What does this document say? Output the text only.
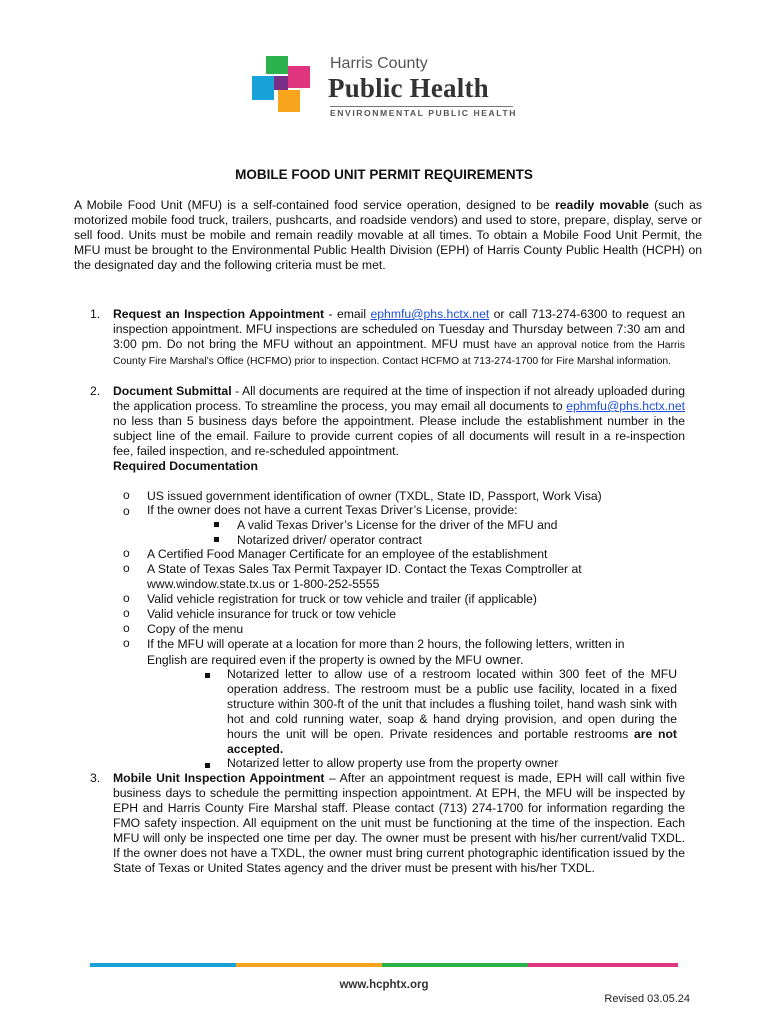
Harris County
Public Health
ENVIRONMENTAL PUBLIC HEALTH
MOBILE FOOD UNIT PERMIT REQUIREMENTS

A Mobile Food Unit (MFU) is a self-contained food service operation, designed to be readily movable (such as motorized mobile food truck, trailers, pushcarts, and roadside vendors) and used to store, prepare, display, serve or sell food. Units must be mobile and remain readily movable at all times. To obtain a Mobile Food Unit Permit, the MFU must be brought to the Environmental Public Health Division (EPH) of Harris County Public Health (HCPH) on the designated day and the following criteria must be met.

1. Request an Inspection Appointment - email ephmfu@phs.hctx.net or call 713-274-6300 to request an inspection appointment. MFU inspections are scheduled on Tuesday and Thursday between 7:30 am and 3:00 pm. Do not bring the MFU without an appointment. MFU must have an approval notice from the Harris County Fire Marshal’s Office (HCFMO) prior to inspection. Contact HCFMO at 713-274-1700 for Fire Marshal information.
2. Document Submittal - All documents are required at the time of inspection if not already uploaded during the application process. To streamline the process, you may email all documents to ephmfu@phs.hctx.net no less than 5 business days before the appointment. Please include the establishment number in the subject line of the email. Failure to provide current copies of all documents will result in a re-inspection fee, failed inspection, and re-scheduled appointment.
Required Documentation
o US issued government identification of owner (TXDL, State ID, Passport, Work Visa)
o If the owner does not have a current Texas Driver’s License, provide:
A valid Texas Driver’s License for the driver of the MFU and
Notarized driver/ operator contract
o A Certified Food Manager Certificate for an employee of the establishment
o A State of Texas Sales Tax Permit Taxpayer ID. Contact the Texas Comptroller at
www.window.state.tx.us or 1-800-252-5555
o Valid vehicle registration for truck or tow vehicle and trailer (if applicable)
o Valid vehicle insurance for truck or tow vehicle
o Copy of the menu
o If the MFU will operate at a location for more than 2 hours, the following letters, written in
English are required even if the property is owned by the MFU owner.
Notarized letter to allow property use from the property owner
Notarized letter to allow use of a restroom located within 300 feet of the MFU operation address. The restroom must be a public use facility, located in a fixed structure within 300-ft of the unit that includes a flushing toilet, hand wash sink with hot and cold running water, soap & hand drying provision, and open during the hours the unit will be open. Private residences and portable restrooms are not accepted.
3. Mobile Unit Inspection Appointment – After an appointment request is made, EPH will call within five business days to schedule the permitting inspection appointment. At EPH, the MFU will be inspected by EPH and Harris County Fire Marshal staff. Please contact (713) 274-1700 for information regarding the FMO safety inspection. All equipment on the unit must be functioning at the time of the inspection. Each MFU will only be inspected one time per day. The owner must be present with his/her current/valid TXDL. If the owner does not have a TXDL, the owner must bring current photographic identification issued by the State of Texas or United States agency and the driver must be present with his/her TXDL.
www.hcphtx.org
Revised 03.05.24
